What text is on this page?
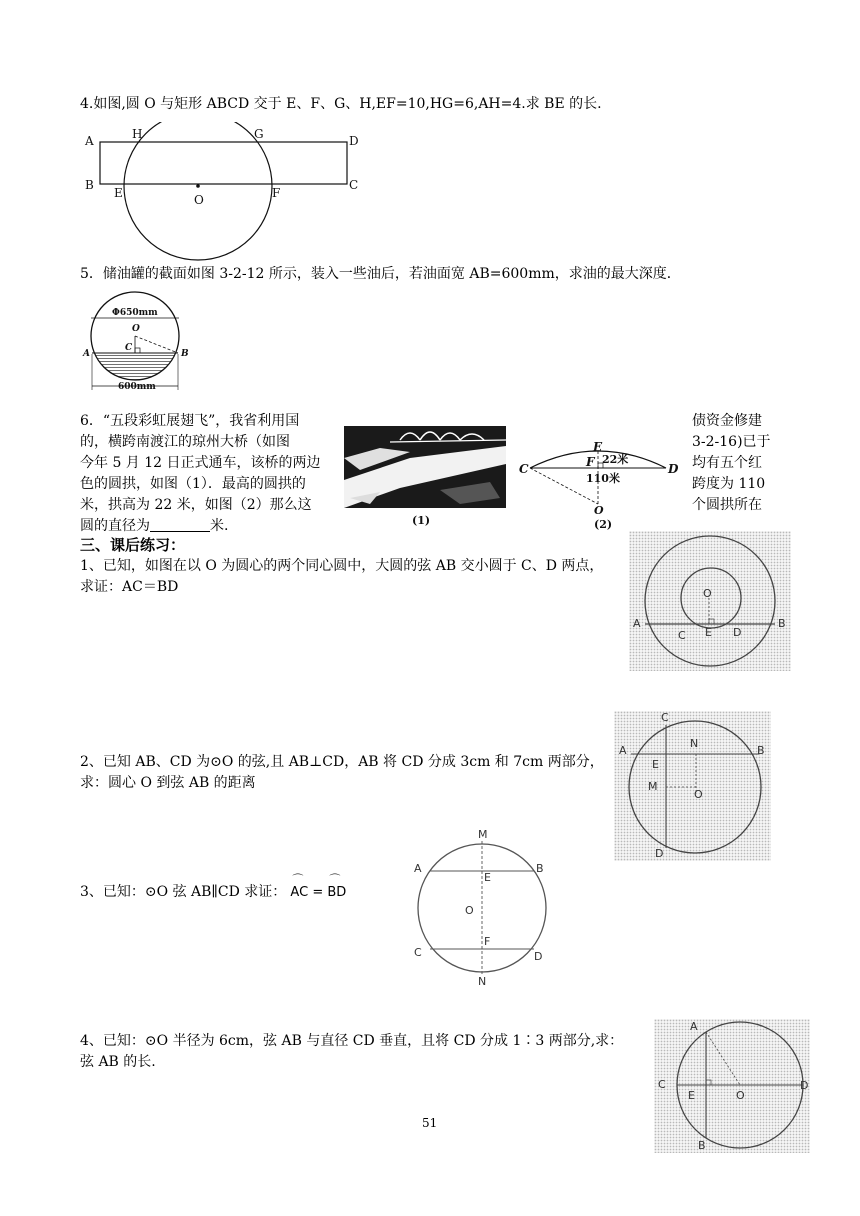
4.如图,圆 O 与矩形 ABCD 交于 E、F、G、H,EF=10,HG=6,AH=4.求 BE 的长.
A
B
D
C
H	G
E	F
O
5．储油罐的截面如图 3-2-12 所示，装入一些油后，若油面宽 AB=600mm，求油的最大深度．
Φ650mm
O
C
A	B
600mm
6．“五段彩虹展翅飞”，我省利用国
的，横跨南渡江的琼州大桥（如图
今年 5 月 12 日正式通车，该桥的两边
色的圆拱，如图（1）．最高的圆拱的
米，拱高为 22 米，如图（2）那么这
圆的直径为	米.
债资金修建
3-2-16)已于
均有五个红
跨度为 110
个圆拱所在
(1)
E
F 22米
110米
C	D
O
(2)
三、课后练习：
1、已知，如图在以 O 为圆心的两个同心圆中，大圆的弦 AB 交小圆于 C、D 两点，
求证：AC＝BD	O
A	B
C E D
2、已知 AB、CD 为⊙O 的弦,且 AB⊥CD，AB 将 CD 分成 3cm 和 7cm 两部分，
求：圆心 O 到弦 AB 的距离
C
A	B
E
N
M
O
D
3、已知：⊙O 弦 AB∥CD 求证： ⌒ AC = ⌒ BD
M
A	B
E
O
F
C	D
N
4、已知：⊙O 半径为 6cm，弦 AB 与直径 CD 垂直，且将 CD 分成 1∶3 两部分,求：
弦 AB 的长.
A
C	D
E	O
B
51
